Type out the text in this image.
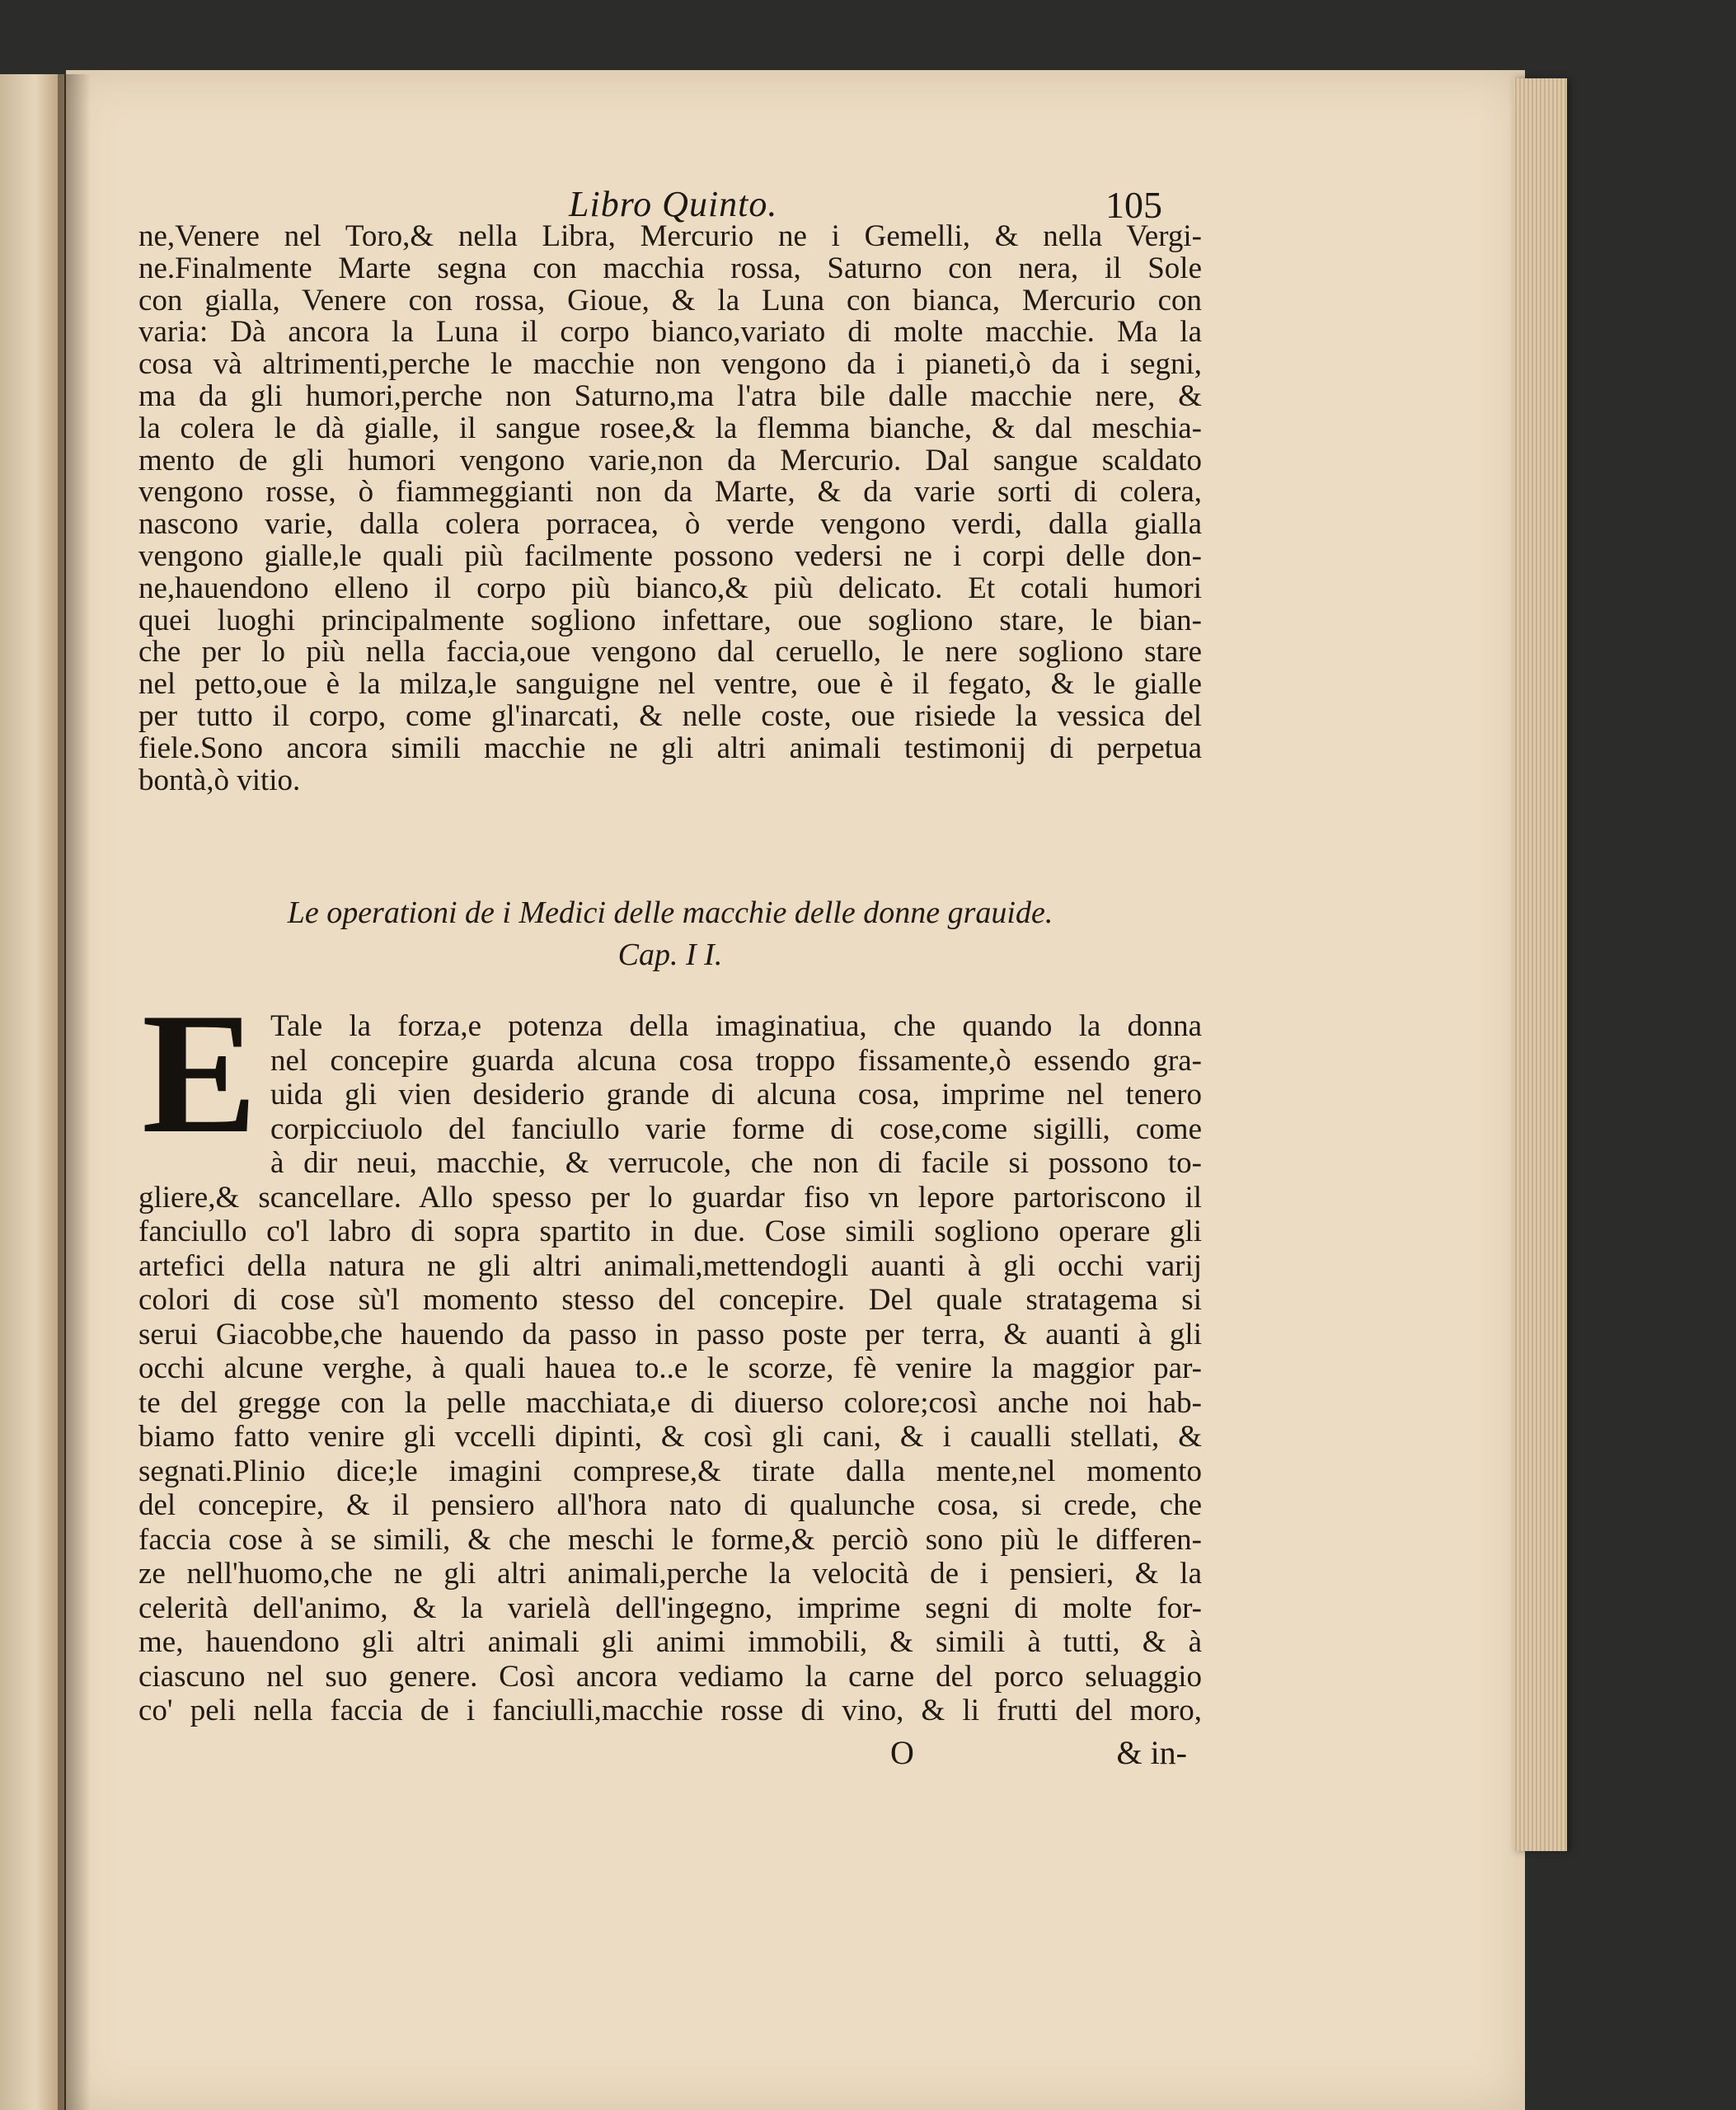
Libro Quinto.	105
ne,Venere nel Toro,& nella Libra, Mercurio ne i Gemelli, & nella Vergi-
ne.Finalmente Marte segna con macchia rossa, Saturno con nera, il Sole
con gialla, Venere con rossa, Gioue, & la Luna con bianca, Mercurio con
varia: Dà ancora la Luna il corpo bianco,variato di molte macchie. Ma la
cosa và altrimenti,perche le macchie non vengono da i pianeti,ò da i segni,
ma da gli humori,perche non Saturno,ma l'atra bile dalle macchie nere, &
la colera le dà gialle, il sangue rosee,& la flemma bianche, & dal meschia-
mento de gli humori vengono varie,non da Mercurio. Dal sangue scaldato
vengono rosse, ò fiammeggianti non da Marte, & da varie sorti di colera,
nascono varie, dalla colera porracea, ò verde vengono verdi, dalla gialla
vengono gialle,le quali più facilmente possono vedersi ne i corpi delle don-
ne,hauendono elleno il corpo più bianco,& più delicato. Et cotali humori
quei luoghi principalmente sogliono infettare, oue sogliono stare, le bian-
che per lo più nella faccia,oue vengono dal ceruello, le nere sogliono stare
nel petto,oue è la milza,le sanguigne nel ventre, oue è il fegato, & le gialle
per tutto il corpo, come gl'inarcati, & nelle coste, oue risiede la vessica del
fiele.Sono ancora simili macchie ne gli altri animali testimonij di perpetua
bontà,ò vitio.
Le operationi de i Medici delle macchie delle donne grauide.
Cap. I I.
E Tale la forza,e potenza della imaginatiua, che quando la donna
nel concepire guarda alcuna cosa troppo fissamente,ò essendo gra-
uida gli vien desiderio grande di alcuna cosa, imprime nel tenero
corpicciuolo del fanciullo varie forme di cose,come sigilli, come
à dir neui, macchie, & verrucole, che non di facile si possono to-
gliere,& scancellare. Allo spesso per lo guardar fiso vn lepore partoriscono il
fanciullo co'l labro di sopra spartito in due. Cose simili sogliono operare gli
artefici della natura ne gli altri animali,mettendogli auanti à gli occhi varij
colori di cose sù'l momento stesso del concepire. Del quale stratagema si
serui Giacobbe,che hauendo da passo in passo poste per terra, & auanti à gli
occhi alcune verghe, à quali hauea to..e le scorze, fè venire la maggior par-
te del gregge con la pelle macchiata,e di diuerso colore;così anche noi hab-
biamo fatto venire gli vccelli dipinti, & così gli cani, & i caualli stellati, &
segnati.Plinio dice;le imagini comprese,& tirate dalla mente,nel momento
del concepire, & il pensiero all'hora nato di qualunche cosa, si crede, che
faccia cose à se simili, & che meschi le forme,& perciò sono più le differen-
ze nell'huomo,che ne gli altri animali,perche la velocità de i pensieri, & la
celerità dell'animo, & la varielà dell'ingegno, imprime segni di molte for-
me, hauendono gli altri animali gli animi immobili, & simili à tutti, & à
ciascuno nel suo genere. Così ancora vediamo la carne del porco seluaggio
co' peli nella faccia de i fanciulli,macchie rosse di vino, & li frutti del moro,
O	& in-
